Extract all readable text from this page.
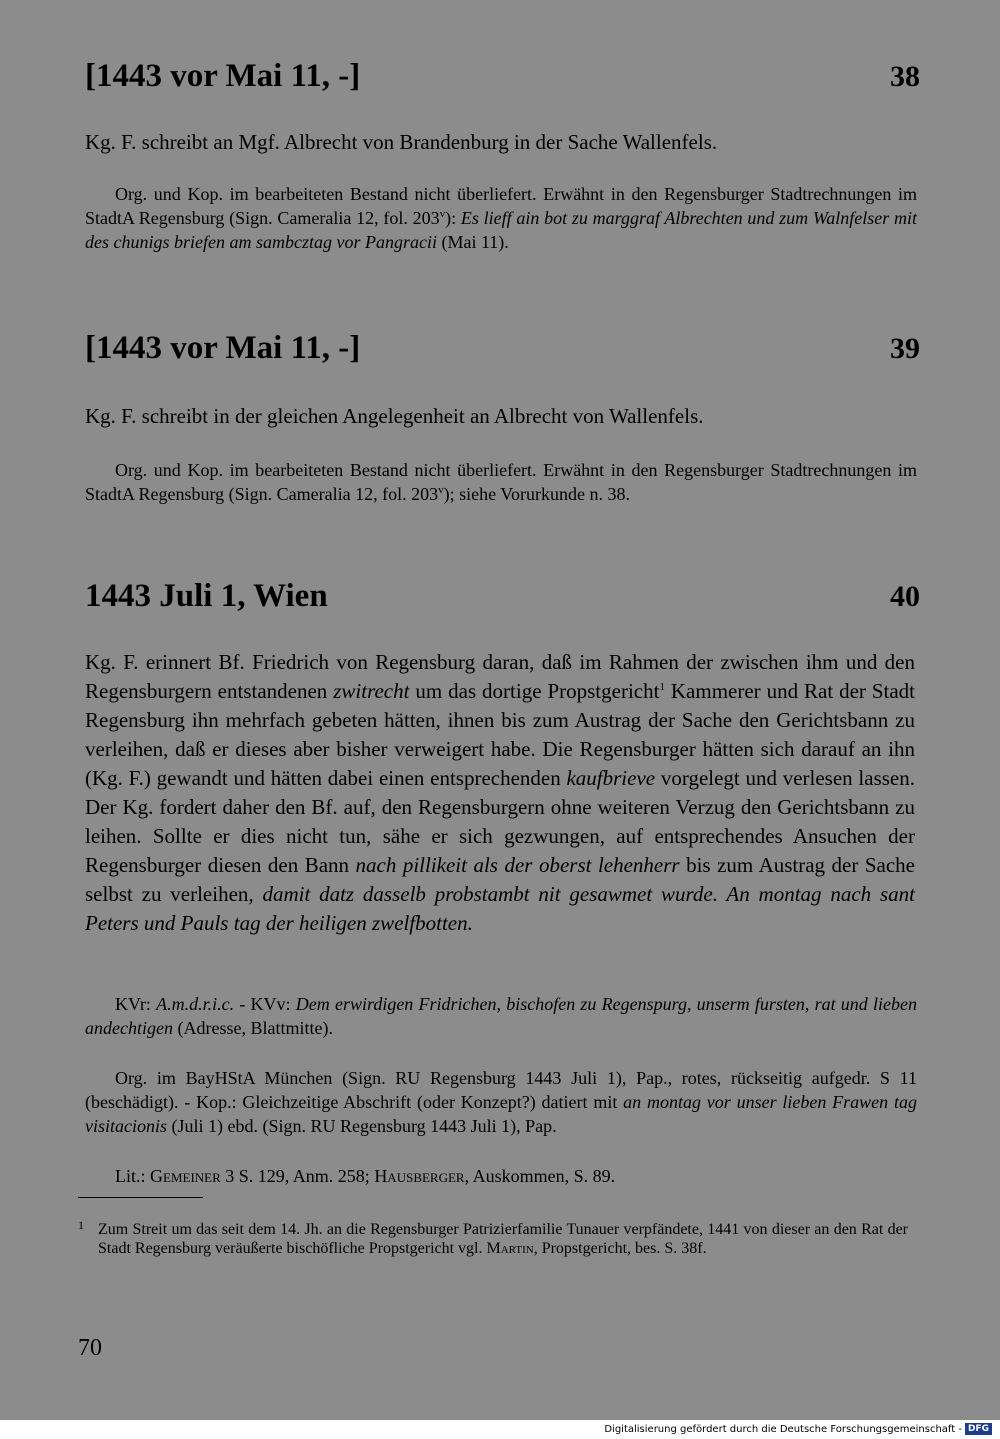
[1443 vor Mai 11, -]	38
Kg. F. schreibt an Mgf. Albrecht von Brandenburg in der Sache Wallenfels.
Org. und Kop. im bearbeiteten Bestand nicht überliefert. Erwähnt in den Regensburger Stadtrechnungen im StadtA Regensburg (Sign. Cameralia 12, fol. 203$^v$): Es lieff ain bot zu marggraf Albrechten und zum Walnfelser mit des chunigs briefen am sambcztag vor Pangracii (Mai 11).
[1443 vor Mai 11, -]	39
Kg. F. schreibt in der gleichen Angelegenheit an Albrecht von Wallenfels.
Org. und Kop. im bearbeiteten Bestand nicht überliefert. Erwähnt in den Regensburger Stadtrechnungen im StadtA Regensburg (Sign. Cameralia 12, fol. 203$^v$); siehe Vorurkunde n. 38.
1443 Juli 1, Wien	40
Kg. F. erinnert Bf. Friedrich von Regensburg daran, daß im Rahmen der zwischen ihm und den Regensburgern entstandenen zwitrecht um das dortige Propstgericht$^1$ Kammerer und Rat der Stadt Regensburg ihn mehrfach gebeten hätten, ihnen bis zum Austrag der Sache den Gerichtsbann zu verleihen, daß er dieses aber bisher verweigert habe. Die Regensburger hätten sich darauf an ihn (Kg. F.) gewandt und hätten dabei einen entsprechenden kaufbrieve vorgelegt und verlesen lassen. Der Kg. fordert daher den Bf. auf, den Regensburgern ohne weiteren Verzug den Gerichtsbann zu leihen. Sollte er dies nicht tun, sähe er sich gezwungen, auf entsprechendes Ansuchen der Regensburger diesen den Bann nach pillikeit als der oberst lehenherr bis zum Austrag der Sache selbst zu verleihen, damit datz dasselb probstambt nit gesawmet wurde. An montag nach sant Peters und Pauls tag der heiligen zwelfbotten.
KVr: A.m.d.r.i.c. - KVv: Dem erwirdigen Fridrichen, bischofen zu Regenspurg, unserm fursten, rat und lieben andechtigen (Adresse, Blattmitte).
Org. im BayHStA München (Sign. RU Regensburg 1443 Juli 1), Pap., rotes, rückseitig aufgedr. S 11 (beschädigt). - Kop.: Gleichzeitige Abschrift (oder Konzept?) datiert mit an montag vor unser lieben Frawen tag visitacionis (Juli 1) ebd. (Sign. RU Regensburg 1443 Juli 1), Pap.
Lit.: Gemeiner 3 S. 129, Anm. 258; Hausberger, Auskommen, S. 89.
1 Zum Streit um das seit dem 14. Jh. an die Regensburger Patrizierfamilie Tunauer verpfändete, 1441 von dieser an den Rat der Stadt Regensburg veräußerte bischöfliche Propstgericht vgl. Martin, Propstgericht, bes. S. 38f.
70
Digitalisierung gefördert durch die Deutsche Forschungsgemeinschaft - DFG
